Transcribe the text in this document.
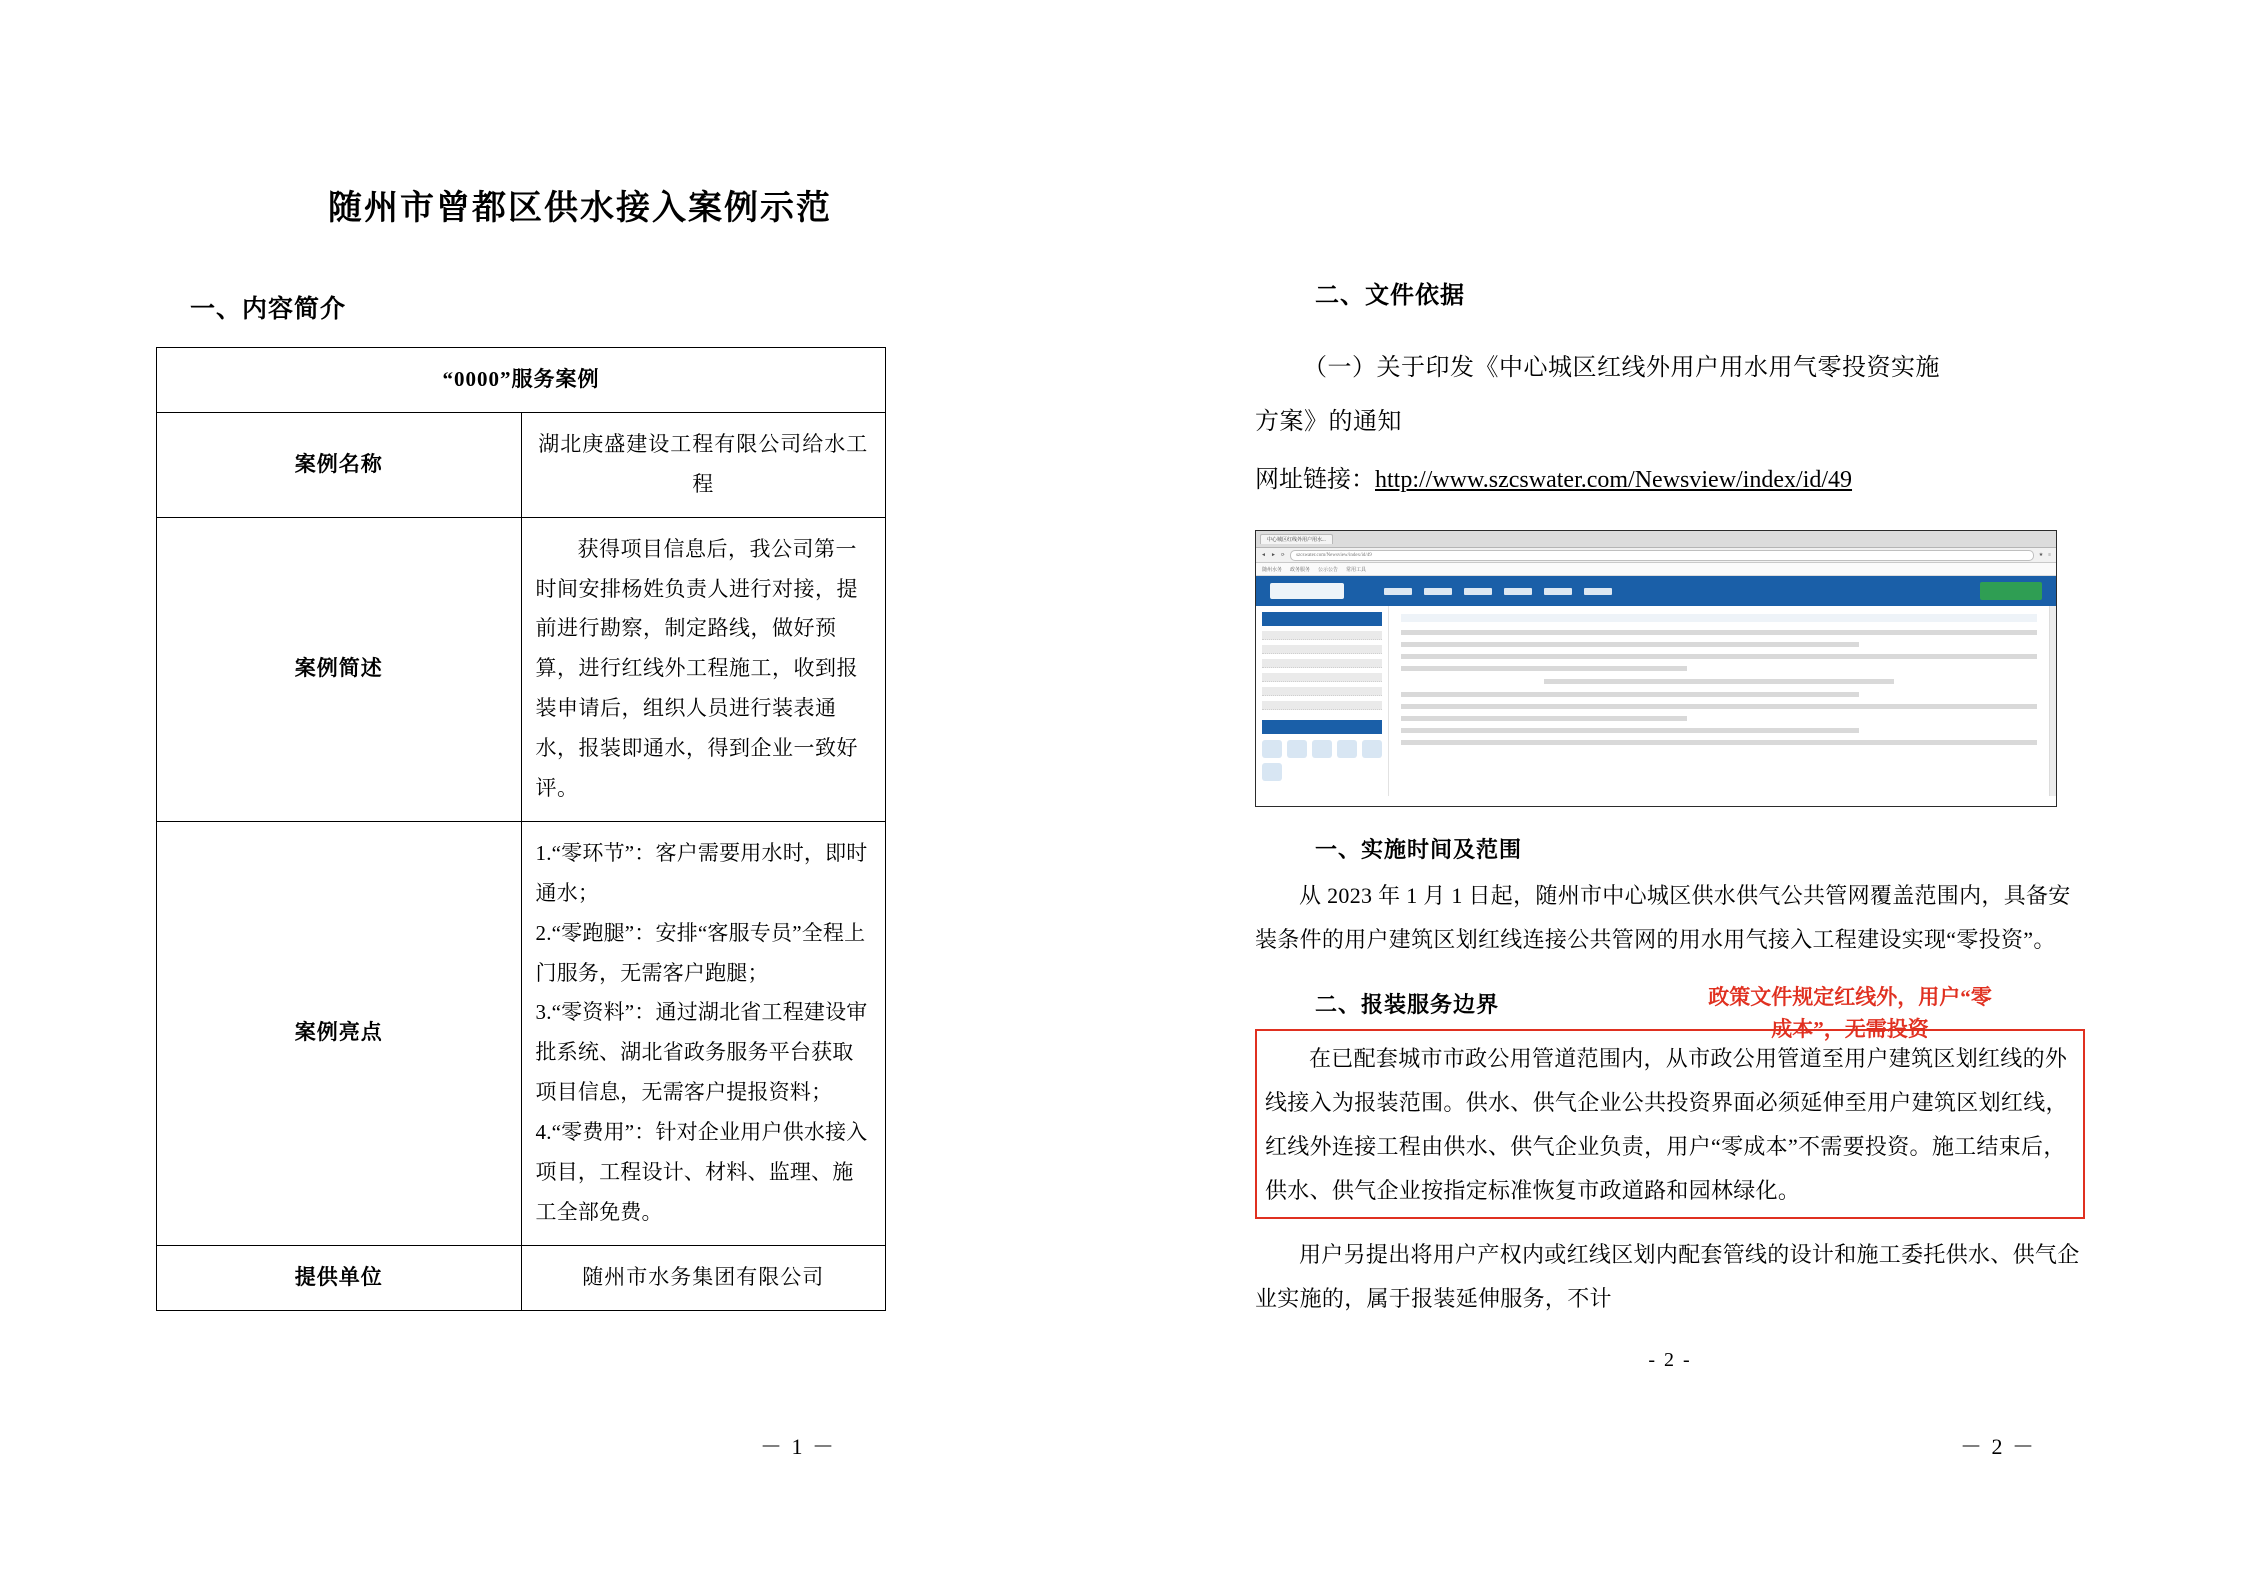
随州市曾都区供水接入案例示范
一、内容简介
“0000”服务案例	
案例名称	湖北庚盛建设工程有限公司给水工程
案例简述	获得项目信息后，我公司第一时间安排杨姓负责人进行对接，提前进行勘察，制定路线，做好预算，进行红线外工程施工，收到报装申请后，组织人员进行装表通水，报装即通水，得到企业一致好评。
案例亮点	1.“零环节”：客户需要用水时，即时通水；
2.“零跑腿”：安排“客服专员”全程上门服务，无需客户跑腿；
3.“零资料”：通过湖北省工程建设审批系统、湖北省政务服务平台获取项目信息，无需客户提报资料；
4.“零费用”：针对企业用户供水接入项目，工程设计、材料、监理、施工全部免费。

提供单位	随州市水务集团有限公司
－ 1 －
二、文件依据

（一）关于印发《中心城区红线外用户用水用气零投资实施

方案》的通知

网址链接：http://www.szcswater.com/Newsview/index/id/49

中心城区红线外用户用水...
◄ ► ⟳	szcswater.com/Newsview/index/id/49	★ ≡
随州水务 政务服务 公示公告 常用工具
一、实施时间及范围

从 2023 年 1 月 1 日起，随州市中心城区供水供气公共管网覆盖范围内，具备安装条件的用户建筑区划红线连接公共管网的用水用气接入工程建设实现“零投资”。

二、报装服务边界

在已配套城市市政公用管道范围内，从市政公用管道至用户建筑区划红线的外线接入为报装范围。供水、供气企业公共投资界面必须延伸至用户建筑区划红线，红线外连接工程由供水、供气企业负责，用户“零成本”不需要投资。施工结束后，供水、供气企业按指定标准恢复市政道路和园林绿化。

用户另提出将用户产权内或红线区划内配套管线的设计和施工委托供水、供气企业实施的，属于报装延伸服务，不计

- 2 -
政策文件规定红线外，用户“零成本”，无需投资
－ 2 －
